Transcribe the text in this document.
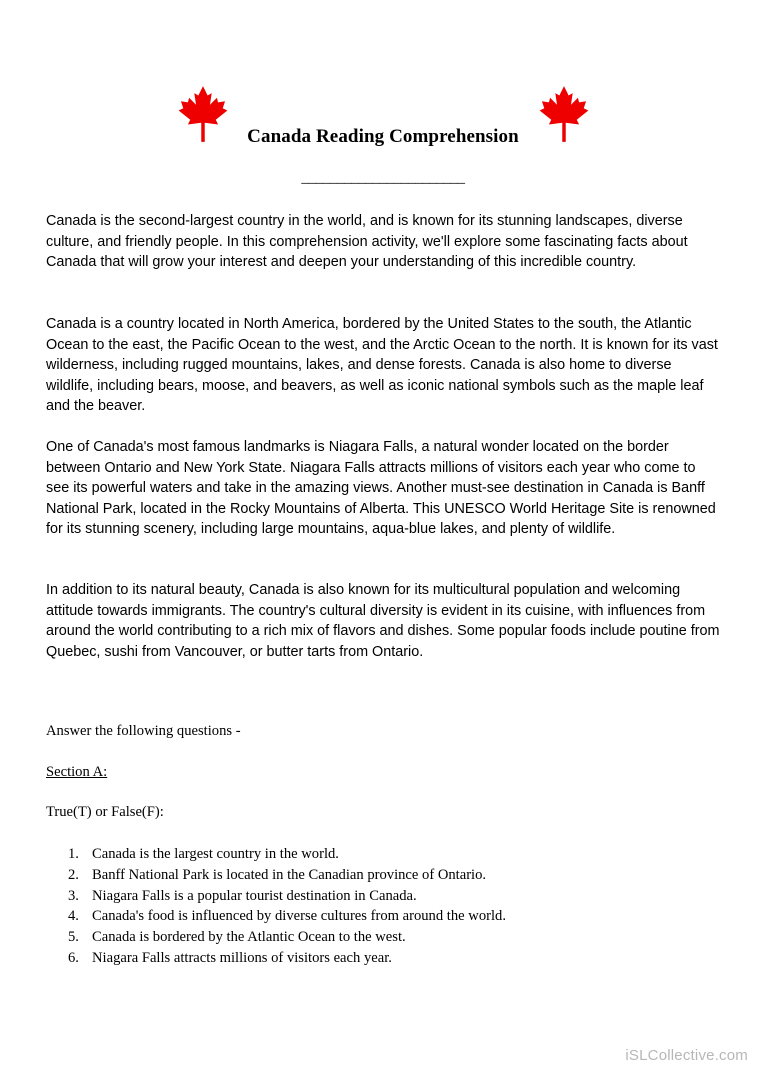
Canada Reading Comprehension
_______________________

Canada is the second-largest country in the world, and is known for its stunning landscapes, diverse culture, and friendly people. In this comprehension activity, we'll explore some fascinating facts about Canada that will grow your interest and deepen your understanding of this incredible country.

Canada is a country located in North America, bordered by the United States to the south, the Atlantic Ocean to the east, the Pacific Ocean to the west, and the Arctic Ocean to the north. It is known for its vast wilderness, including rugged mountains, lakes, and dense forests. Canada is also home to diverse wildlife, including bears, moose, and beavers, as well as iconic national symbols such as the maple leaf and the beaver.

One of Canada's most famous landmarks is Niagara Falls, a natural wonder located on the border between Ontario and New York State. Niagara Falls attracts millions of visitors each year who come to see its powerful waters and take in the amazing views. Another must-see destination in Canada is Banff National Park, located in the Rocky Mountains of Alberta. This UNESCO World Heritage Site is renowned for its stunning scenery, including large mountains, aqua-blue lakes, and plenty of wildlife.

In addition to its natural beauty, Canada is also known for its multicultural population and welcoming attitude towards immigrants. The country's cultural diversity is evident in its cuisine, with influences from around the world contributing to a rich mix of flavors and dishes. Some popular foods include poutine from Quebec, sushi from Vancouver, or butter tarts from Ontario.

Answer the following questions -

Section A:

True(T) or False(F):

1. Canada is the largest country in the world.
2. Banff National Park is located in the Canadian province of Ontario.
3. Niagara Falls is a popular tourist destination in Canada.
4. Canada's food is influenced by diverse cultures from around the world.
5. Canada is bordered by the Atlantic Ocean to the west.
6. Niagara Falls attracts millions of visitors each year.
iSLCollective.com
